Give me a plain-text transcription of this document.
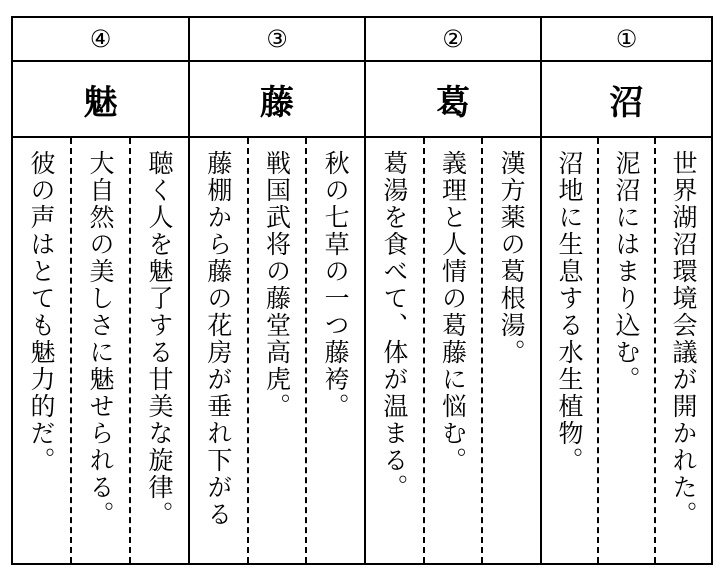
④
魅
聴く人を魅了する甘美な旋律。
大自然の美しさに魅せられる。
彼の声はとても魅力的だ。
③
藤
秋の七草の一つ藤袴。
戦国武将の藤堂高虎。
藤棚から藤の花房が垂れ下がる
②
葛
漢方薬の葛根湯。
義理と人情の葛藤に悩む。
葛湯を食べて、体が温まる。
①
沼
世界湖沼環境会議が開かれた。
泥沼にはまり込む。
沼地に生息する水生植物。
